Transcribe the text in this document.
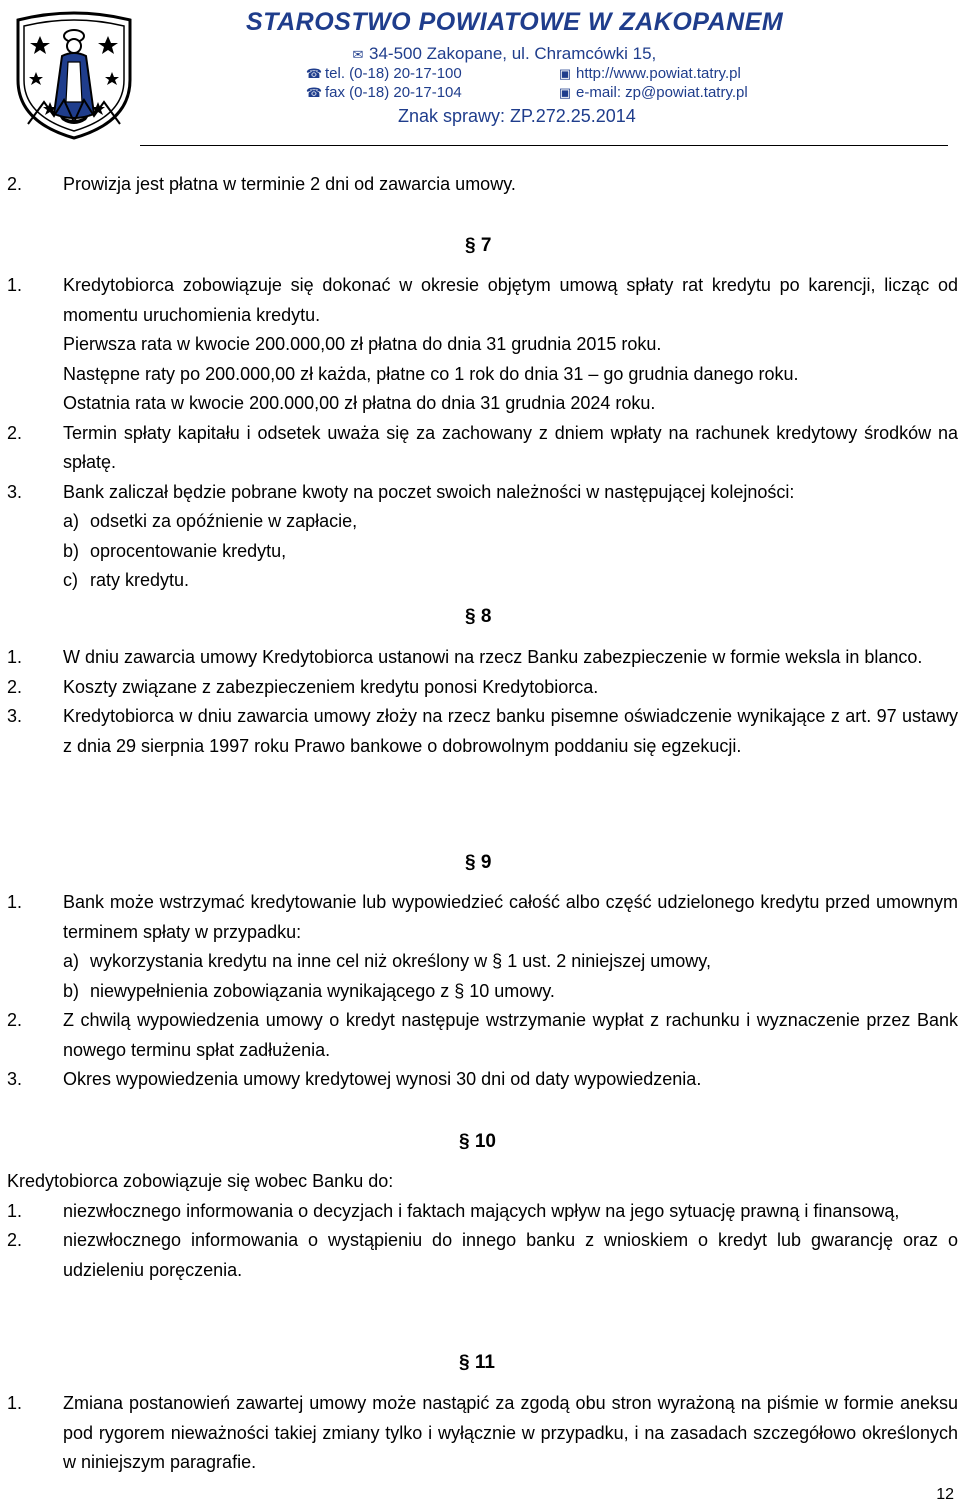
STAROSTWO POWIATOWE W ZAKOPANEM
✉ 34-500 Zakopane, ul. Chramcówki 15,
☎ tel. (0-18) 20-17-100
☎ fax (0-18) 20-17-104
▣ http://www.powiat.tatry.pl
▣ e-mail: zp@powiat.tatry.pl
Znak sprawy: ZP.272.25.2014
2. Prowizja jest płatna w terminie 2 dni od zawarcia umowy.
§ 7
1. Kredytobiorca zobowiązuje się dokonać w okresie objętym umową spłaty rat kredytu po karencji, licząc od momentu uruchomienia kredytu.
Pierwsza rata w kwocie 200.000,00 zł płatna do dnia 31 grudnia 2015 roku.
Następne raty po 200.000,00 zł każda, płatne co 1 rok do dnia 31 – go grudnia danego roku.
Ostatnia rata w kwocie 200.000,00 zł płatna do dnia 31 grudnia 2024 roku.
2. Termin spłaty kapitału i odsetek uważa się za zachowany z dniem wpłaty na rachunek kredytowy środków na spłatę.
3. Bank zaliczał będzie pobrane kwoty na poczet swoich należności w następującej kolejności:
a) odsetki za opóźnienie w zapłacie,
b) oprocentowanie kredytu,
c) raty kredytu.
§ 8
1. W dniu zawarcia umowy Kredytobiorca ustanowi na rzecz Banku zabezpieczenie w formie weksla in blanco.
2. Koszty związane z zabezpieczeniem kredytu ponosi Kredytobiorca.
3. Kredytobiorca w dniu zawarcia umowy złoży na rzecz banku pisemne oświadczenie wynikające z art. 97 ustawy z dnia 29 sierpnia 1997 roku Prawo bankowe o dobrowolnym poddaniu się egzekucji.
§ 9
1. Bank może wstrzymać kredytowanie lub wypowiedzieć całość albo część udzielonego kredytu przed umownym terminem spłaty w przypadku:
a) wykorzystania kredytu na inne cel niż określony w § 1 ust. 2 niniejszej umowy,
b) niewypełnienia zobowiązania wynikającego z § 10 umowy.
2. Z chwilą wypowiedzenia umowy o kredyt następuje wstrzymanie wypłat z rachunku i wyznaczenie przez Bank nowego terminu spłat zadłużenia.
3. Okres wypowiedzenia umowy kredytowej wynosi 30 dni od daty wypowiedzenia.
§ 10
Kredytobiorca zobowiązuje się wobec Banku do:
1. niezwłocznego informowania o decyzjach i faktach mających wpływ na jego sytuację prawną i finansową,
2. niezwłocznego informowania o wystąpieniu do innego banku z wnioskiem o kredyt lub gwarancję oraz o udzieleniu poręczenia.
§ 11
1. Zmiana postanowień zawartej umowy może nastąpić za zgodą obu stron wyrażoną na piśmie w formie aneksu pod rygorem nieważności takiej zmiany tylko i wyłącznie w przypadku, i na zasadach szczegółowo określonych w niniejszym paragrafie.
12
